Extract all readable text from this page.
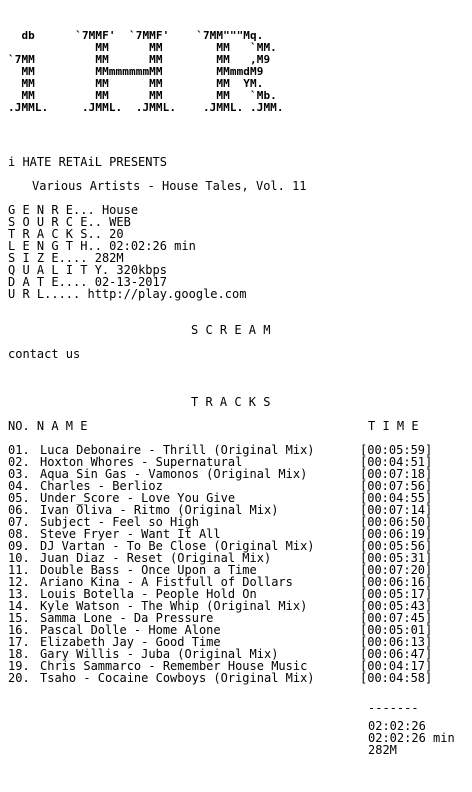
db      `7MMF'  `7MMF'    `7MM"""Mq.
MM      MM        MM   `MM.
`7MM         MM      MM        MM   ,M9
MM         MMmmmmmmMM        MMmmdM9
MM         MM      MM        MM  YM.
MM         MM      MM        MM   `Mb.
.JMML.     .JMML.  .JMML.    .JMML. .JMM.
i HATE RETAiL PRESENTS
Various Artists - House Tales, Vol. 11
G E N R E... House
S O U R C E.. WEB
T R A C K S.. 20
L E N G T H.. 02:02:26 min
S I Z E.... 282M
Q U A L I T Y. 320kbps
D A T E.... 02-13-2017
U R L..... http://play.google.com
S C R E A M
contact us
T R A C K S
NO. N A M E	T I M E
01. Luca Debonaire - Thrill (Original Mix)	[00:05:59]
02. Hoxton Whores - Supernatural	[00:04:51]
03. Aqua Sin Gas - Vamonos (Original Mix)	[00:07:18]
04. Charles - Berlioz	[00:07:56]
05. Under_Score - Love You Give	[00:04:55]
06. Ivan Oliva - Ritmo (Original Mix)	[00:07:14]
07. Subject - Feel so High	[00:06:50]
08. Steve Fryer - Want It All	[00:06:19]
09. DJ Vartan - To Be Close (Original Mix)	[00:05:56]
10. Juan Diaz - Reset (Original Mix)	[00:05:31]
11. Double Bass - Once Upon a Time	[00:07:20]
12. Ariano Kina - A Fistfull of Dollars	[00:06:16]
13. Louis Botella - People Hold On	[00:05:17]
14. Kyle Watson - The Whip (Original Mix)	[00:05:43]
15. Samma Lone - Da Pressure	[00:07:45]
16. Pascal Dolle - Home Alone	[00:05:01]
17. Elizabeth Jay - Good Time	[00:06:13]
18. Gary Willis - Juba (Original Mix)	[00:06:47]
19. Chris Sammarco - Remember House Music	[00:04:17]
20. Tsaho - Cocaine Cowboys (Original Mix)	[00:04:58]
-------
02:02:26
02:02:26 min
282M
